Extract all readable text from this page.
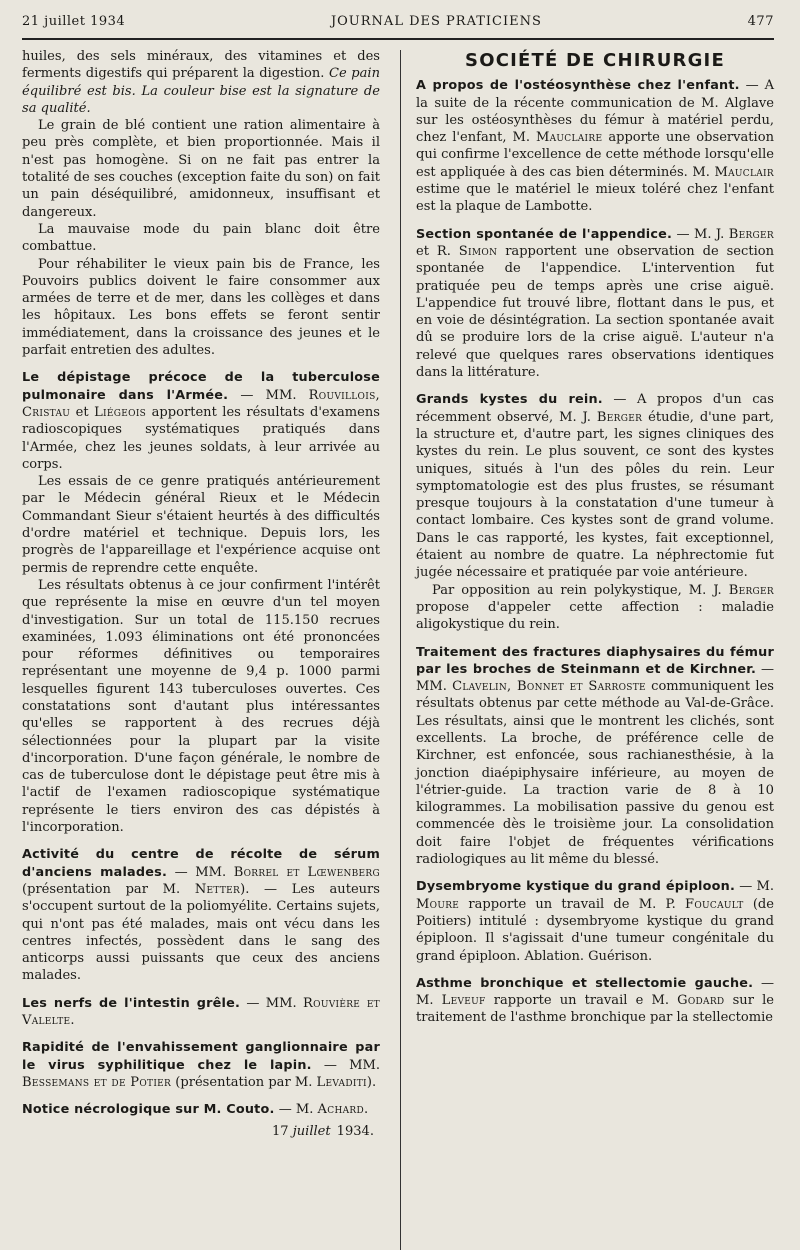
21 juillet 1934	JOURNAL DES PRATICIENS	477

huiles, des sels minéraux, des vitamines et des ferments digestifs qui préparent la digestion. Ce pain équilibré est bis. La couleur bise est la signature de sa qualité.

Le grain de blé contient une ration alimentaire à peu près complète, et bien proportionnée. Mais il n'est pas homogène. Si on ne fait pas entrer la totalité de ses couches (exception faite du son) on fait un pain déséquilibré, amidonneux, insuffisant et dangereux.

La mauvaise mode du pain blanc doit être combattue.

Pour réhabiliter le vieux pain bis de France, les Pouvoirs publics doivent le faire consommer aux armées de terre et de mer, dans les collèges et dans les hôpitaux. Les bons effets se feront sentir immédiatement, dans la croissance des jeunes et le parfait entretien des adultes.

Le dépistage précoce de la tuberculose pulmonaire dans l'Armée. — MM. Rouvillois, Cristau et Liégeois apportent les résultats d'examens radioscopiques systématiques pratiqués dans l'Armée, chez les jeunes soldats, à leur arrivée au corps.

Les essais de ce genre pratiqués antérieurement par le Médecin général Rieux et le Médecin Commandant Sieur s'étaient heurtés à des difficultés d'ordre matériel et technique. Depuis lors, les progrès de l'appareillage et l'expérience acquise ont permis de reprendre cette enquête.

Les résultats obtenus à ce jour confirment l'intérêt que représente la mise en œuvre d'un tel moyen d'investigation. Sur un total de 115.150 recrues examinées, 1.093 éliminations ont été prononcées pour réformes définitives ou temporaires représentant une moyenne de 9,4 p. 1000 parmi lesquelles figurent 143 tuberculoses ouvertes. Ces constatations sont d'autant plus intéressantes qu'elles se rapportent à des recrues déjà sélectionnées pour la plupart par la visite d'incorporation. D'une façon générale, le nombre de cas de tuberculose dont le dépistage peut être mis à l'actif de l'examen radioscopique systématique représente le tiers environ des cas dépistés à l'incorporation.

Activité du centre de récolte de sérum d'anciens malades. — MM. Borrel et Lœwenberg (présentation par M. Netter). — Les auteurs s'occupent surtout de la poliomyélite. Certains sujets, qui n'ont pas été malades, mais ont vécu dans les centres infectés, possèdent dans le sang des anticorps aussi puissants que ceux des anciens malades.

Les nerfs de l'intestin grêle. — MM. Rouvière et Valelte.

Rapidité de l'envahissement ganglionnaire par le virus syphilitique chez le lapin. — MM. Bessemans et de Potier (présentation par M. Levaditi).

Notice nécrologique sur M. Couto. — M. Achard.

17 juillet 1934.
SOCIÉTÉ DE CHIRURGIE

A propos de l'ostéosynthèse chez l'enfant. — A la suite de la récente communication de M. Alglave sur les ostéosynthèses du fémur à matériel perdu, chez l'enfant, M. Mauclaire apporte une observation qui confirme l'excellence de cette méthode lorsqu'elle est appliquée à des cas bien déterminés. M. Mauclair estime que le matériel le mieux toléré chez l'enfant est la plaque de Lambotte.

Section spontanée de l'appendice. — M. J. Berger et R. Simon rapportent une observation de section spontanée de l'appendice. L'intervention fut pratiquée peu de temps après une crise aiguë. L'appendice fut trouvé libre, flottant dans le pus, et en voie de désintégration. La section spontanée avait dû se produire lors de la crise aiguë. L'auteur n'a relevé que quelques rares observations identiques dans la littérature.

Grands kystes du rein. — A propos d'un cas récemment observé, M. J. Berger étudie, d'une part, la structure et, d'autre part, les signes cliniques des kystes du rein. Le plus souvent, ce sont des kystes uniques, situés à l'un des pôles du rein. Leur symptomatologie est des plus frustes, se résumant presque toujours à la constatation d'une tumeur à contact lombaire. Ces kystes sont de grand volume. Dans le cas rapporté, les kystes, fait exceptionnel, étaient au nombre de quatre. La néphrectomie fut jugée nécessaire et pratiquée par voie antérieure.

Par opposition au rein polykystique, M. J. Berger propose d'appeler cette affection : maladie aligokystique du rein.

Traitement des fractures diaphysaires du fémur par les broches de Steinmann et de Kirchner. — MM. Clavelin, Bonnet et Sarroste communiquent les résultats obtenus par cette méthode au Val-de-Grâce. Les résultats, ainsi que le montrent les clichés, sont excellents. La broche, de préférence celle de Kirchner, est enfoncée, sous rachianesthésie, à la jonction diaépiphysaire inférieure, au moyen de l'étrier-guide. La traction varie de 8 à 10 kilogrammes. La mobilisation passive du genou est commencée dès le troisième jour. La consolidation doit faire l'objet de fréquentes vérifications radiologiques au lit même du blessé.

Dysembryome kystique du grand épiploon. — M. Moure rapporte un travail de M. P. Foucault (de Poitiers) intitulé : dysembryome kystique du grand épiploon. Il s'agissait d'une tumeur congénitale du grand épiploon. Ablation. Guérison.

Asthme bronchique et stellectomie gauche. — M. Leveuf rapporte un travail e M. Godard sur le traitement de l'asthme bronchique par la stellectomie
